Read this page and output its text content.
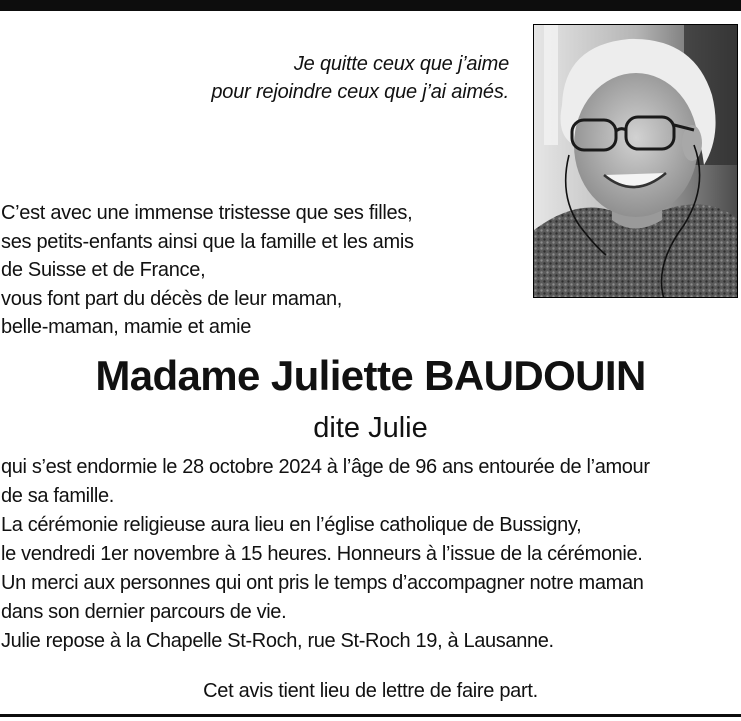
Je quitte ceux que j’aime
pour rejoindre ceux que j’ai aimés.
C’est avec une immense tristesse que ses filles,
ses petits-enfants ainsi que la famille et les amis
de Suisse et de France,
vous font part du décès de leur maman,
belle-maman, mamie et amie
Madame Juliette BAUDOUIN
dite Julie
qui s’est endormie le 28 octobre 2024 à l’âge de 96 ans entourée de l’amour
de sa famille.
La cérémonie religieuse aura lieu en l’église catholique de Bussigny,
le vendredi 1er novembre à 15 heures. Honneurs à l’issue de la cérémonie.
Un merci aux personnes qui ont pris le temps d’accompagner notre maman
dans son dernier parcours de vie.
Julie repose à la Chapelle St-Roch, rue St-Roch 19, à Lausanne.
Cet avis tient lieu de lettre de faire part.
